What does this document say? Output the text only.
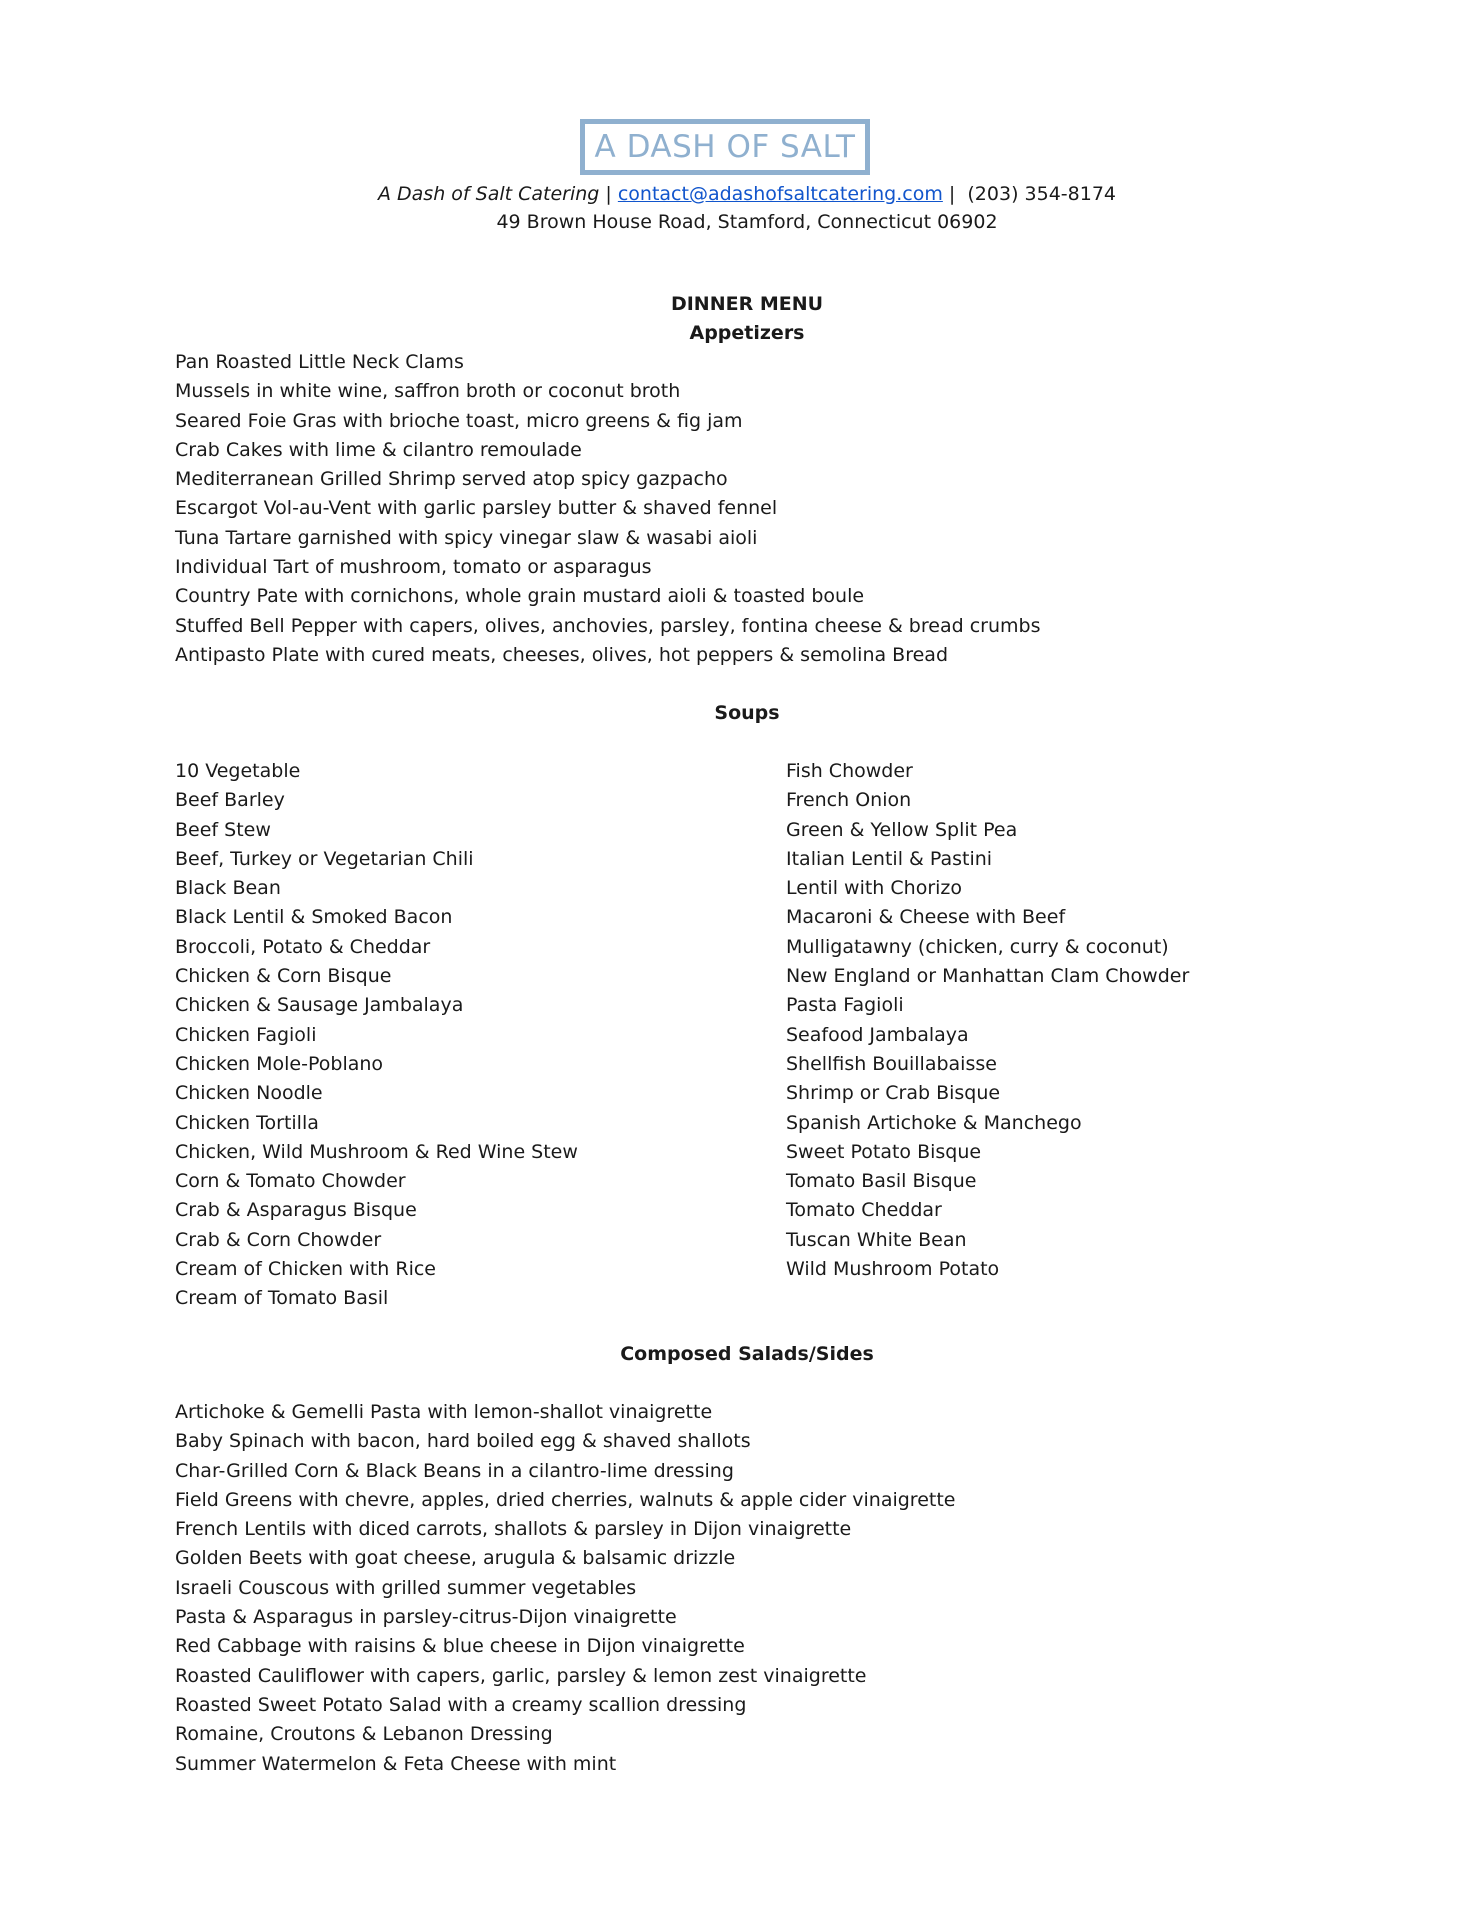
A DASH OF SALT
A Dash of Salt Catering | contact@adashofsaltcatering.com |  (203) 354-8174
49 Brown House Road, Stamford, Connecticut 06902
DINNER MENU
Appetizers
Pan Roasted Little Neck Clams
Mussels in white wine, saffron broth or coconut broth
Seared Foie Gras with brioche toast, micro greens & fig jam
Crab Cakes with lime & cilantro remoulade
Mediterranean Grilled Shrimp served atop spicy gazpacho
Escargot Vol-au-Vent with garlic parsley butter & shaved fennel
Tuna Tartare garnished with spicy vinegar slaw & wasabi aioli
Individual Tart of mushroom, tomato or asparagus
Country Pate with cornichons, whole grain mustard aioli & toasted boule
Stuffed Bell Pepper with capers, olives, anchovies, parsley, fontina cheese & bread crumbs
Antipasto Plate with cured meats, cheeses, olives, hot peppers & semolina Bread
Soups
10 Vegetable
Beef Barley
Beef Stew
Beef, Turkey or Vegetarian Chili
Black Bean
Black Lentil & Smoked Bacon
Broccoli, Potato & Cheddar
Chicken & Corn Bisque
Chicken & Sausage Jambalaya
Chicken Fagioli
Chicken Mole-Poblano
Chicken Noodle
Chicken Tortilla
Chicken, Wild Mushroom & Red Wine Stew
Corn & Tomato Chowder
Crab & Asparagus Bisque
Crab & Corn Chowder
Cream of Chicken with Rice
Cream of Tomato Basil
Fish Chowder
French Onion
Green & Yellow Split Pea
Italian Lentil & Pastini
Lentil with Chorizo
Macaroni & Cheese with Beef
Mulligatawny (chicken, curry & coconut)
New England or Manhattan Clam Chowder
Pasta Fagioli
Seafood Jambalaya
Shellfish Bouillabaisse
Shrimp or Crab Bisque
Spanish Artichoke & Manchego
Sweet Potato Bisque
Tomato Basil Bisque
Tomato Cheddar
Tuscan White Bean
Wild Mushroom Potato
Composed Salads/Sides
Artichoke & Gemelli Pasta with lemon-shallot vinaigrette
Baby Spinach with bacon, hard boiled egg & shaved shallots
Char-Grilled Corn & Black Beans in a cilantro-lime dressing
Field Greens with chevre, apples, dried cherries, walnuts & apple cider vinaigrette
French Lentils with diced carrots, shallots & parsley in Dijon vinaigrette
Golden Beets with goat cheese, arugula & balsamic drizzle
Israeli Couscous with grilled summer vegetables
Pasta & Asparagus in parsley-citrus-Dijon vinaigrette
Red Cabbage with raisins & blue cheese in Dijon vinaigrette
Roasted Cauliflower with capers, garlic, parsley & lemon zest vinaigrette
Roasted Sweet Potato Salad with a creamy scallion dressing
Romaine, Croutons & Lebanon Dressing
Summer Watermelon & Feta Cheese with mint
